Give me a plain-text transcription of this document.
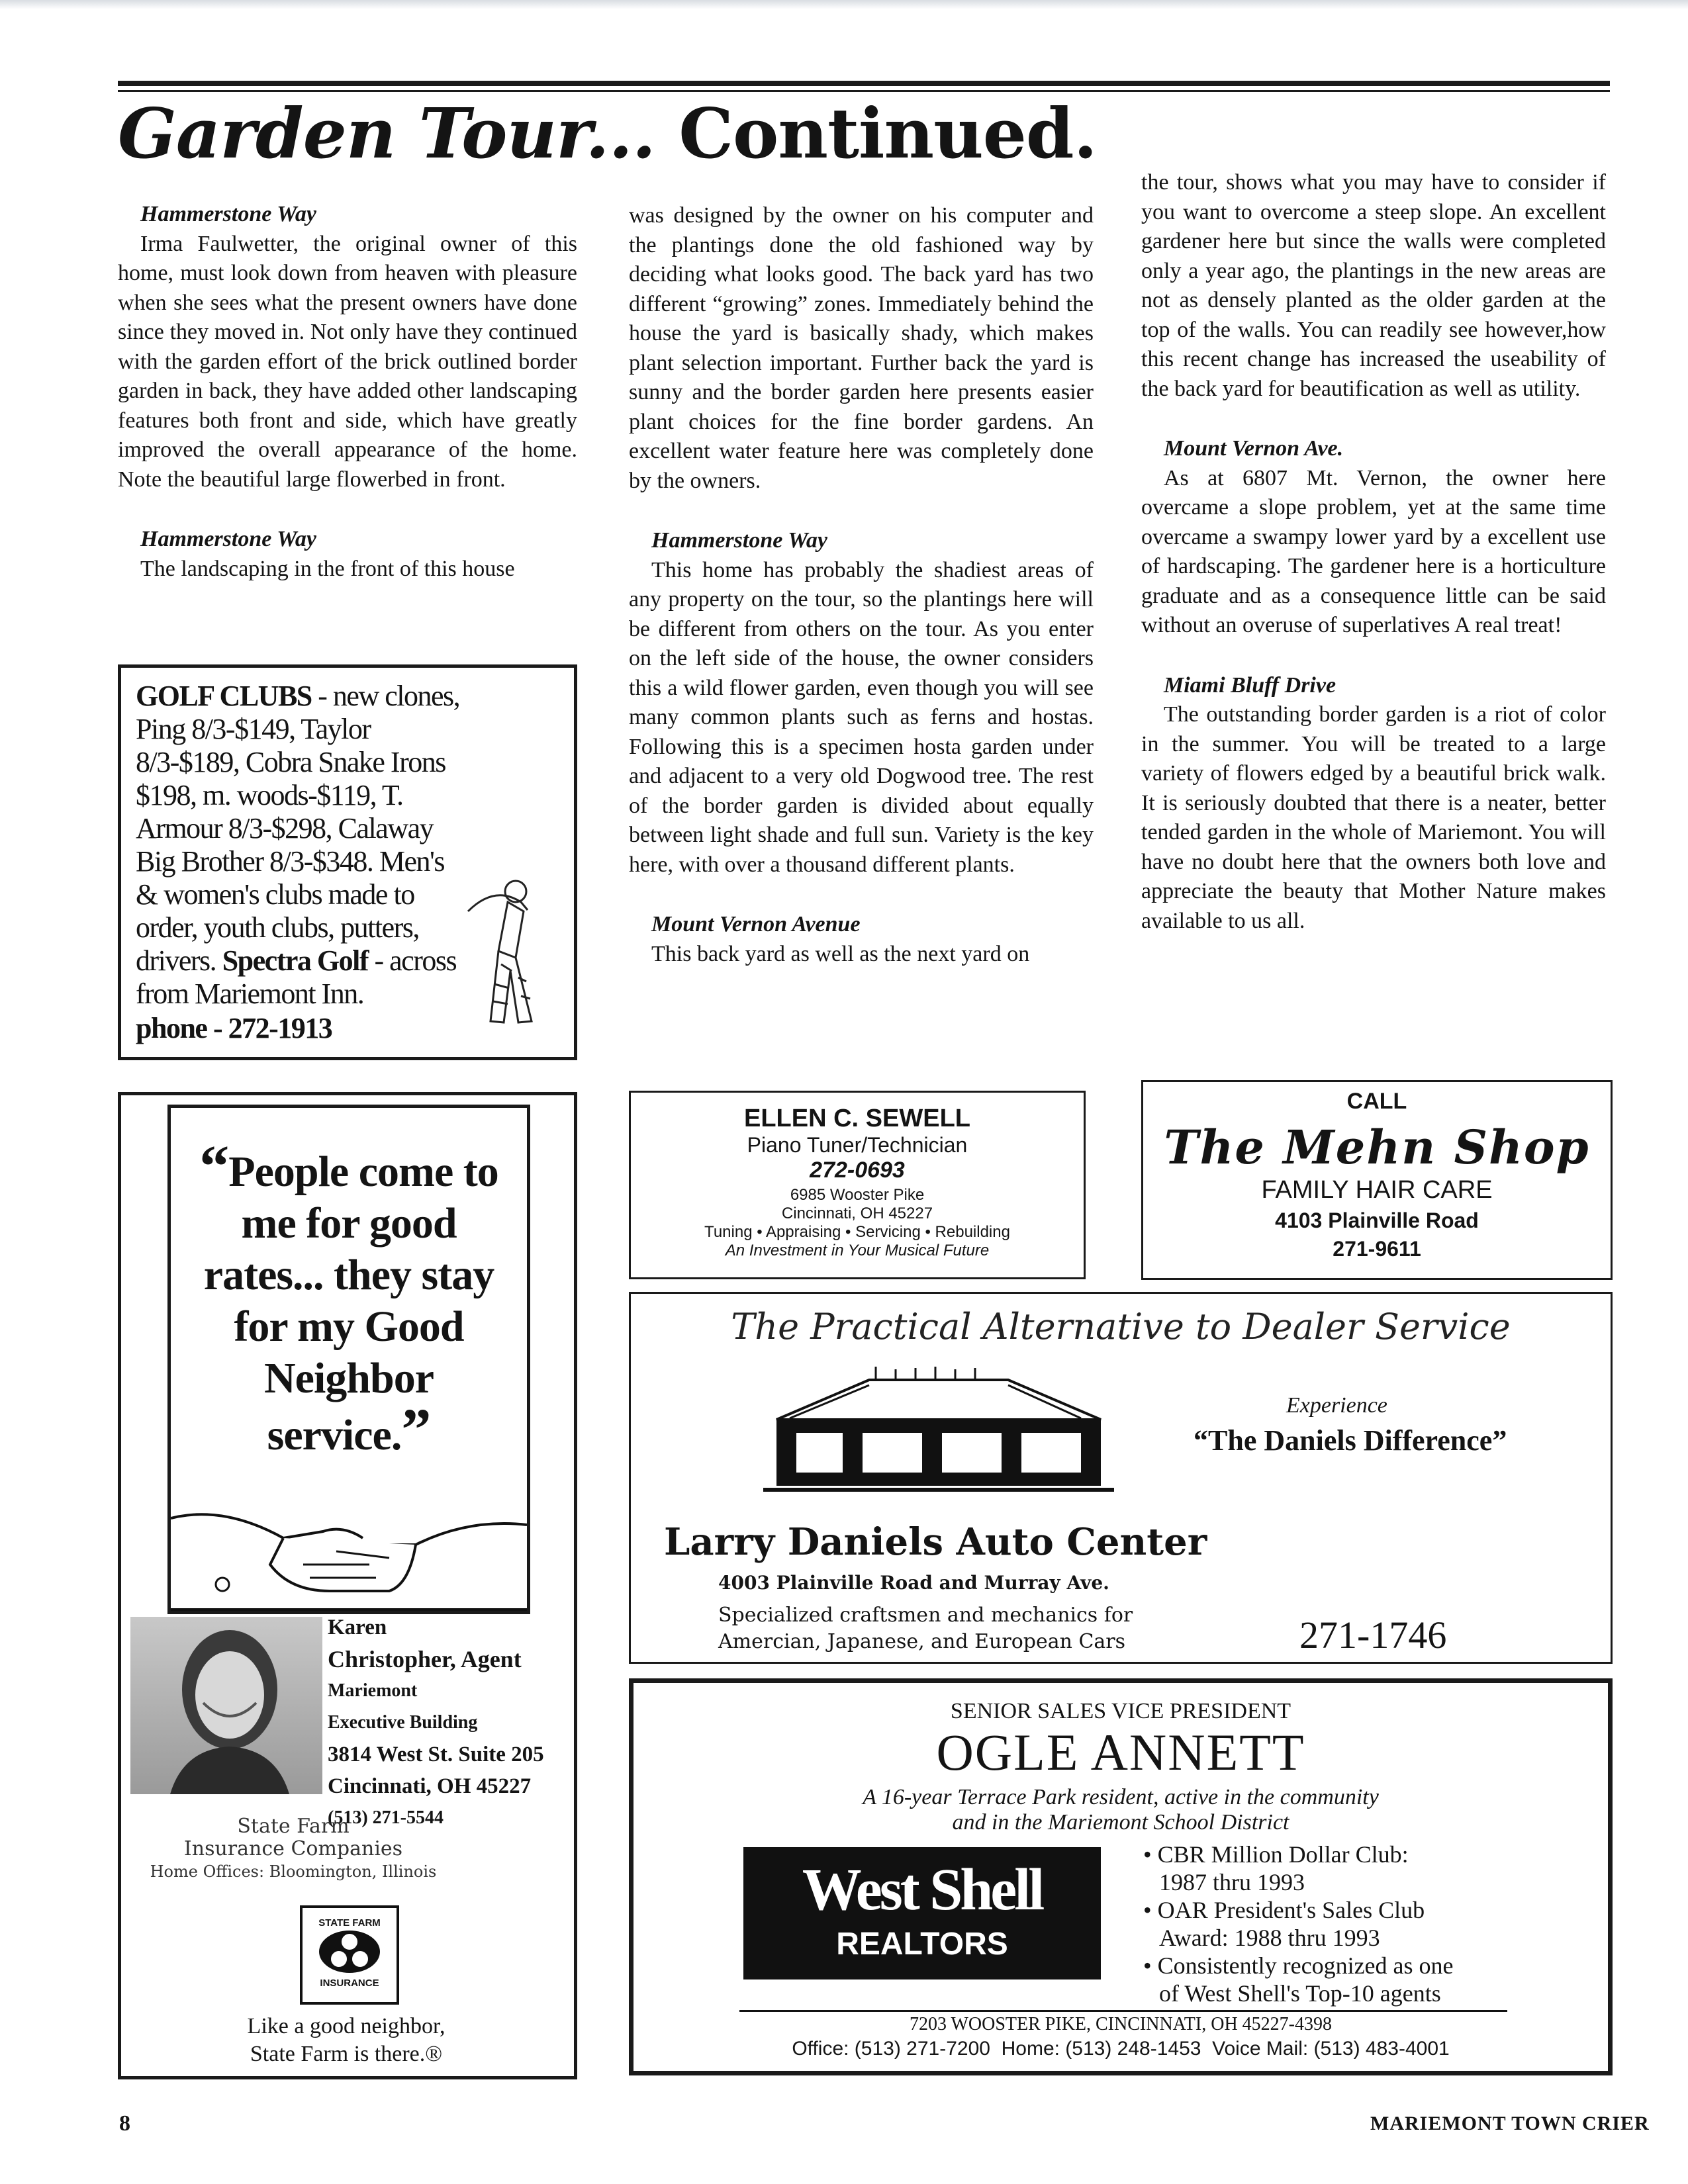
Garden Tour... Continued.

Hammerstone Way

Irma Faulwetter, the original owner of this home, must look down from heaven with pleasure when she sees what the present owners have done since they moved in. Not only have they continued with the garden effort of the brick outlined border garden in back, they have added other landscaping features both front and side, which have greatly improved the overall appearance of the home. Note the beautiful large flowerbed in front.

Hammerstone Way

The landscaping in the front of this house

was designed by the owner on his computer and the plantings done the old fashioned way by deciding what looks good. The back yard has two different “growing” zones. Immediately behind the house the yard is basically shady, which makes plant selection important. Further back the yard is sunny and the border garden here presents easier plant choices for the fine border gardens. An excellent water feature here was completely done by the owners.

Hammerstone Way

This home has probably the shadiest areas of any property on the tour, so the plantings here will be different from others on the tour. As you enter on the left side of the house, the owner considers this a wild flower garden, even though you will see many common plants such as ferns and hostas. Following this is a specimen hosta garden under and adjacent to a very old Dogwood tree. The rest of the border garden is divided about equally between light shade and full sun. Variety is the key here, with over a thousand different plants.

Mount Vernon Avenue

This back yard as well as the next yard on

the tour, shows what you may have to consider if you want to overcome a steep slope. An excellent gardener here but since the walls were completed only a year ago, the plantings in the new areas are not as densely planted as the older garden at the top of the walls. You can readily see however,how this recent change has increased the useability of the back yard for beautification as well as utility.

Mount Vernon Ave.

As at 6807 Mt. Vernon, the owner here overcame a slope problem, yet at the same time overcame a swampy lower yard by a excellent use of hardscaping. The gardener here is a horticulture graduate and as a consequence little can be said without an overuse of superlatives A real treat!

Miami Bluff Drive

The outstanding border garden is a riot of color in the summer. You will be treated to a large variety of flowers edged by a beautiful brick walk. It is seriously doubted that there is a neater, better tended garden in the whole of Mariemont. You will have no doubt here that the owners both love and appreciate the beauty that Mother Nature makes available to us all.

GOLF CLUBS - new clones, Ping 8/3-$149, Taylor 8/3-$189, Cobra Snake Irons $198, m. woods-$119, T. Armour 8/3-$298, Calaway Big Brother 8/3-$348. Men's & women's clubs made to order, youth clubs, putters, drivers. Spectra Golf - across from Mariemont Inn.
phone - 272-1913
“People come to me for good rates... they stay for my Good Neighbor service.”
Karen
Christopher, Agent
Mariemont
Executive Building
3814 West St. Suite 205
Cincinnati, OH 45227
(513) 271-5544
State Farm
Insurance Companies
Home Offices: Bloomington, Illinois
STATE FARM
INSURANCE
Like a good neighbor,
State Farm is there.®
ELLEN C. SEWELL
Piano Tuner/Technician
272-0693
6985 Wooster Pike
Cincinnati, OH 45227
Tuning • Appraising • Servicing • Rebuilding
An Investment in Your Musical Future
CALL
The Mehn Shop
FAMILY HAIR CARE
4103 Plainville Road
271-9611
The Practical Alternative to Dealer Service
Experience
“The Daniels Difference”
Larry Daniels Auto Center
4003 Plainville Road and Murray Ave.
Specialized craftsmen and mechanics for
Amercian, Japanese, and European Cars	271-1746
SENIOR SALES VICE PRESIDENT
OGLE ANNETT
A 16-year Terrace Park resident, active in the community
and in the Mariemont School District
West Shell
REALTORS
• CBR Million Dollar Club:
1987 thru 1993
• OAR President's Sales Club
Award: 1988 thru 1993
• Consistently recognized as one
of West Shell's Top-10 agents
7203 WOOSTER PIKE, CINCINNATI, OH 45227-4398
Office: (513) 271-7200  Home: (513) 248-1453  Voice Mail: (513) 483-4001
8	MARIEMONT TOWN CRIER
